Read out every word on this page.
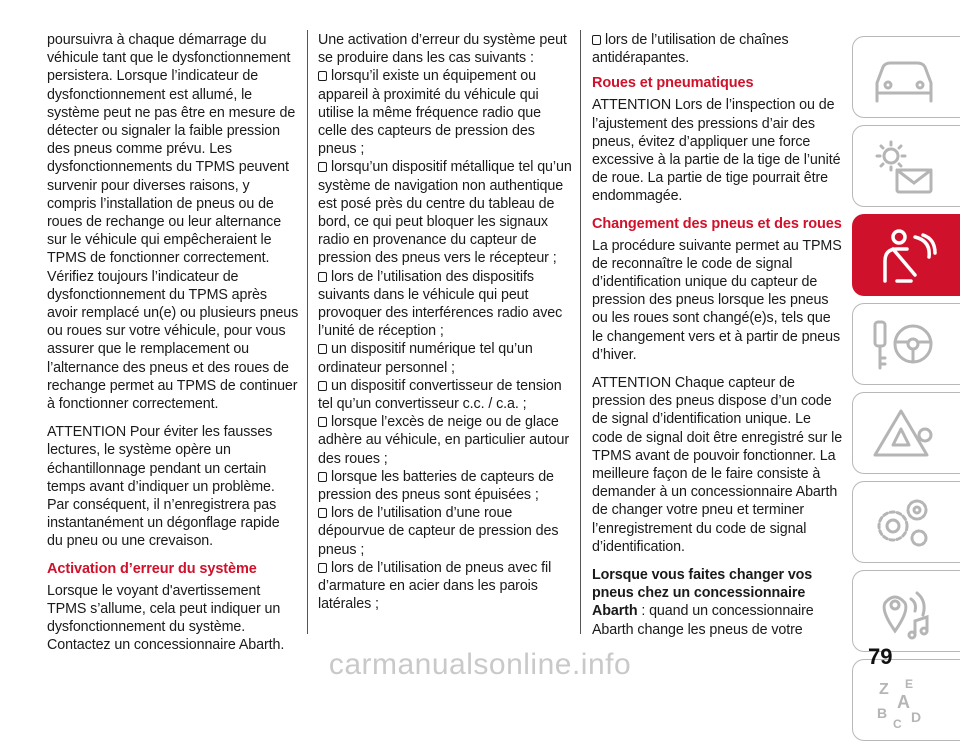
poursuivra à chaque démarrage du véhicule tant que le dysfonctionnement persistera. Lorsque l’indicateur de dysfonctionnement est allumé, le système peut ne pas être en mesure de détecter ou signaler la faible pression des pneus comme prévu. Les dysfonctionnements du TPMS peuvent survenir pour diverses raisons, y compris l’installation de pneus ou de roues de rechange ou leur alternance sur le véhicule qui empêcheraient le TPMS de fonctionner correctement. Vérifiez toujours l’indicateur de dysfonctionnement du TPMS après avoir remplacé un(e) ou plusieurs pneus ou roues sur votre véhicule, pour vous assurer que le remplacement ou l’alternance des pneus et des roues de rechange permet au TPMS de continuer à fonctionner correctement.

ATTENTION Pour éviter les fausses lectures, le système opère un échantillonnage pendant un certain temps avant d’indiquer un problème. Par conséquent, il n’enregistrera pas instantanément un dégonflage rapide du pneu ou une crevaison.

Activation d’erreur du système

Lorsque le voyant d'avertissement TPMS s’allume, cela peut indiquer un dysfonctionnement du système. Contactez un concessionnaire Abarth.

Une activation d’erreur du système peut se produire dans les cas suivants :
lorsqu’il existe un équipement ou appareil à proximité du véhicule qui utilise la même fréquence radio que celle des capteurs de pression des pneus ;
lorsqu’un dispositif métallique tel qu’un système de navigation non authentique est posé près du centre du tableau de bord, ce qui peut bloquer les signaux radio en provenance du capteur de pression des pneus vers le récepteur ;
lors de l’utilisation des dispositifs suivants dans le véhicule qui peut provoquer des interférences radio avec l’unité de réception ;
un dispositif numérique tel qu’un ordinateur personnel ;
un dispositif convertisseur de tension tel qu’un convertisseur c.c. / c.a. ;
lorsque l’excès de neige ou de glace adhère au véhicule, en particulier autour des roues ;
lorsque les batteries de capteurs de pression des pneus sont épuisées ;
lors de l’utilisation d’une roue dépourvue de capteur de pression des pneus ;
lors de l’utilisation de pneus avec fil d’armature en acier dans les parois latérales ;
lors de l’utilisation de chaînes antidérapantes.
Roues et pneumatiques

ATTENTION Lors de l’inspection ou de l’ajustement des pressions d’air des pneus, évitez d’appliquer une force excessive à la partie de la tige de l’unité de roue. La partie de tige pourrait être endommagée.

Changement des pneus et des roues

La procédure suivante permet au TPMS de reconnaître le code de signal d’identification unique du capteur de pression des pneus lorsque les pneus ou les roues sont changé(e)s, tels que le changement vers et à partir de pneus d’hiver.

ATTENTION Chaque capteur de pression des pneus dispose d’un code de signal d’identification unique. Le code de signal doit être enregistré sur le TPMS avant de pouvoir fonctionner. La meilleure façon de le faire consiste à demander à un concessionnaire Abarth de changer votre pneu et terminer l’enregistrement du code de signal d’identification.

Lorsque vous faites changer vos pneus chez un concessionnaire Abarth : quand un concessionnaire Abarth change les pneus de votre

Z E
A
B
C D
carmanualsonline.info	79
